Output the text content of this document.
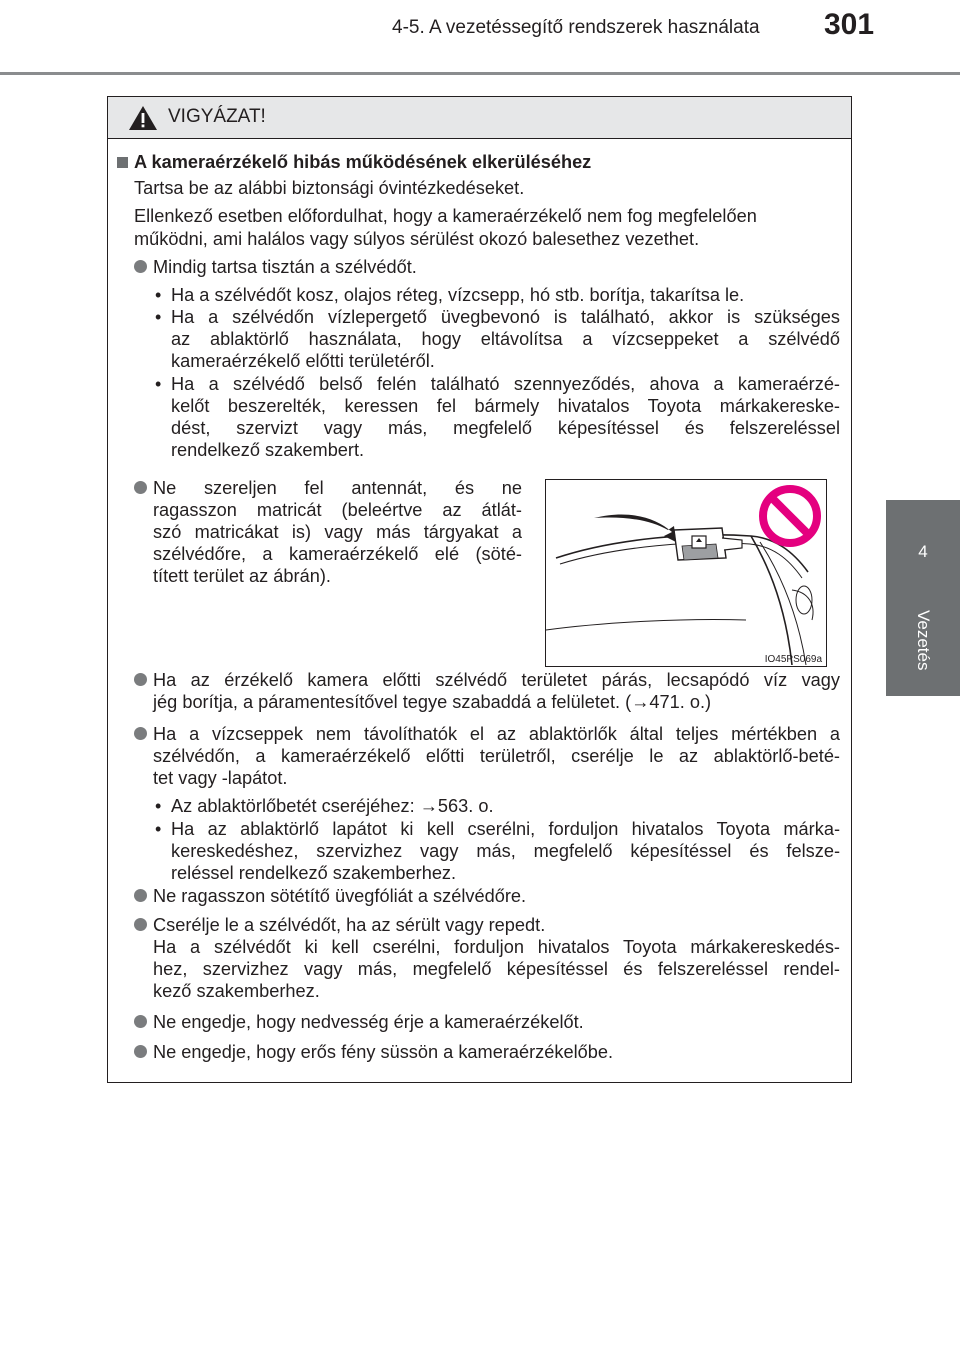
4-5. A vezetéssegítő rendszerek használata 301
4
Vezetés
VIGYÁZAT!
A kameraérzékelő hibás működésének elkerüléséhez
Tartsa be az alábbi biztonsági óvintézkedéseket.
Ellenkező esetben előfordulhat, hogy a kameraérzékelő nem fog megfelelően
működni, ami halálos vagy súlyos sérülést okozó balesethez vezethet.
Mindig tartsa tisztán a szélvédőt.
• Ha a szélvédőt kosz, olajos réteg, vízcsepp, hó stb. borítja, takarítsa le.
• Ha a szélvédőn vízlepergető üvegbevonó is található, akkor is szükséges
az ablaktörlő használata, hogy eltávolítsa a vízcseppeket a szélvédő
kameraérzékelő előtti területéről.
• Ha a szélvédő belső felén található szennyeződés, ahova a kameraérzé-
kelőt beszerelték, keressen fel bármely hivatalos Toyota márkakereske-
dést, szervizt vagy más, megfelelő képesítéssel és felszereléssel
rendelkező szakembert.
Ne szereljen fel antennát, és ne
ragasszon matricát (beleértve az átlát-
szó matricákat is) vagy más tárgyakat a
szélvédőre, a kameraérzékelő elé (söté-
tített terület az ábrán).
Ha az érzékelő kamera előtti szélvédő területet párás, lecsapódó víz vagy
jég borítja, a páramentesítővel tegye szabaddá a felületet. (→471. o.)
Ha a vízcseppek nem távolíthatók el az ablaktörlők által teljes mértékben a
szélvédőn, a kameraérzékelő előtti területről, cserélje le az ablaktörlő-beté-
tet vagy -lapátot.
• Az ablaktörlőbetét cseréjéhez: →563. o.
• Ha az ablaktörlő lapátot ki kell cserélni, forduljon hivatalos Toyota márka-
kereskedéshez, szervizhez vagy más, megfelelő képesítéssel és felsze-
reléssel rendelkező szakemberhez.
Ne ragasszon sötétítő üvegfóliát a szélvédőre.
Cserélje le a szélvédőt, ha az sérült vagy repedt.
Ha a szélvédőt ki kell cserélni, forduljon hivatalos Toyota márkakereskedés-
hez, szervizhez vagy más, megfelelő képesítéssel és felszereléssel rendel-
kező szakemberhez.
Ne engedje, hogy nedvesség érje a kameraérzékelőt.
Ne engedje, hogy erős fény süssön a kameraérzékelőbe.
IO45PS069a
